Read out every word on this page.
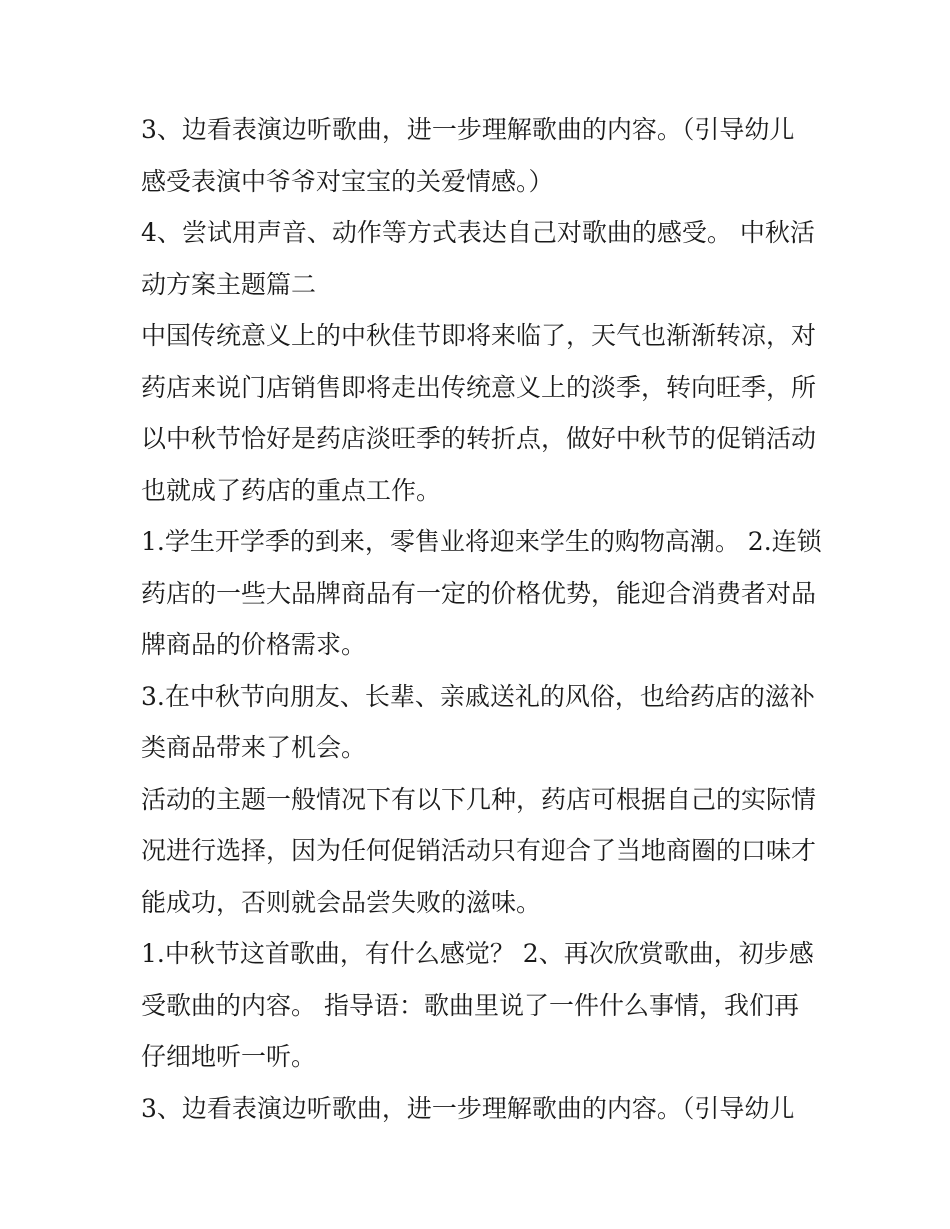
3、边看表演边听歌曲，进一步理解歌曲的内容。（引导幼儿
感受表演中爷爷对宝宝的关爱情感。）
4、尝试用声音、动作等方式表达自己对歌曲的感受。 中秋活
动方案主题篇二
中国传统意义上的中秋佳节即将来临了，天气也渐渐转凉，对
药店来说门店销售即将走出传统意义上的淡季，转向旺季，所
以中秋节恰好是药店淡旺季的转折点，做好中秋节的促销活动
也就成了药店的重点工作。
1.学生开学季的到来，零售业将迎来学生的购物高潮。 2.连锁
药店的一些大品牌商品有一定的价格优势，能迎合消费者对品
牌商品的价格需求。
3.在中秋节向朋友、长辈、亲戚送礼的风俗，也给药店的滋补
类商品带来了机会。
活动的主题一般情况下有以下几种，药店可根据自己的实际情
况进行选择，因为任何促销活动只有迎合了当地商圈的口味才
能成功，否则就会品尝失败的滋味。
1.中秋节这首歌曲，有什么感觉？ 2、再次欣赏歌曲，初步感
受歌曲的内容。 指导语：歌曲里说了一件什么事情，我们再
仔细地听一听。
3、边看表演边听歌曲，进一步理解歌曲的内容。（引导幼儿
